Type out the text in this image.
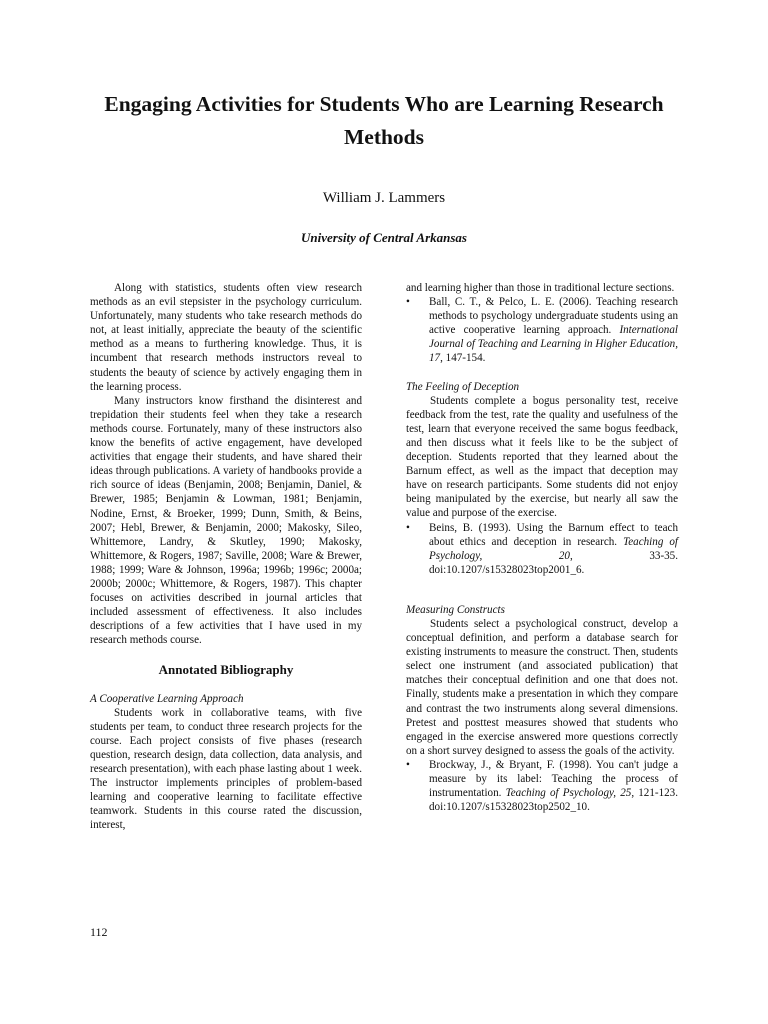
Engaging Activities for Students Who are Learning Research Methods
William J. Lammers
University of Central Arkansas

Along with statistics, students often view research methods as an evil stepsister in the psychology curriculum. Unfortunately, many students who take research methods do not, at least initially, appreciate the beauty of the scientific method as a means to furthering knowledge. Thus, it is incumbent that research methods instructors reveal to students the beauty of science by actively engaging them in the learning process.

Many instructors know firsthand the disinterest and trepidation their students feel when they take a research methods course. Fortunately, many of these instructors also know the benefits of active engagement, have developed activities that engage their students, and have shared their ideas through publications. A variety of handbooks provide a rich source of ideas (Benjamin, 2008; Benjamin, Daniel, & Brewer, 1985; Benjamin & Lowman, 1981; Benjamin, Nodine, Ernst, & Broeker, 1999; Dunn, Smith, & Beins, 2007; Hebl, Brewer, & Benjamin, 2000; Makosky, Sileo, Whittemore, Landry, & Skutley, 1990; Makosky, Whittemore, & Rogers, 1987; Saville, 2008; Ware & Brewer, 1988; 1999; Ware & Johnson, 1996a; 1996b; 1996c; 2000a; 2000b; 2000c; Whittemore, & Rogers, 1987). This chapter focuses on activities described in journal articles that included assessment of effectiveness. It also includes descriptions of a few activities that I have used in my research methods course.

Annotated Bibliography

A Cooperative Learning Approach

Students work in collaborative teams, with five students per team, to conduct three research projects for the course. Each project consists of five phases (research question, research design, data collection, data analysis, and research presentation), with each phase lasting about 1 week. The instructor implements principles of problem-based learning and cooperative learning to facilitate effective teamwork. Students in this course rated the discussion, interest,

and learning higher than those in traditional lecture sections.

•	Ball, C. T., & Pelco, L. E. (2006). Teaching research methods to psychology undergraduate students using an active cooperative learning approach. International Journal of Teaching and Learning in Higher Education, 17, 147-154.

The Feeling of Deception

Students complete a bogus personality test, receive feedback from the test, rate the quality and usefulness of the test, learn that everyone received the same bogus feedback, and then discuss what it feels like to be the subject of deception. Students reported that they learned about the Barnum effect, as well as the impact that deception may have on research participants. Some students did not enjoy being manipulated by the exercise, but nearly all saw the value and purpose of the exercise.

•	Beins, B. (1993). Using the Barnum effect to teach about ethics and deception in research. Teaching of Psychology, 20, 33-35. doi:10.1207/s15328023top2001_6.

Measuring Constructs

Students select a psychological construct, develop a conceptual definition, and perform a database search for existing instruments to measure the construct. Then, students select one instrument (and associated publication) that matches their conceptual definition and one that does not. Finally, students make a presentation in which they compare and contrast the two instruments along several dimensions. Pretest and posttest measures showed that students who engaged in the exercise answered more questions correctly on a short survey designed to assess the goals of the activity.

•	Brockway, J., & Bryant, F. (1998). You can't judge a measure by its label: Teaching the process of instrumentation. Teaching of Psychology, 25, 121-123. doi:10.1207/s15328023top2502_10.
112
